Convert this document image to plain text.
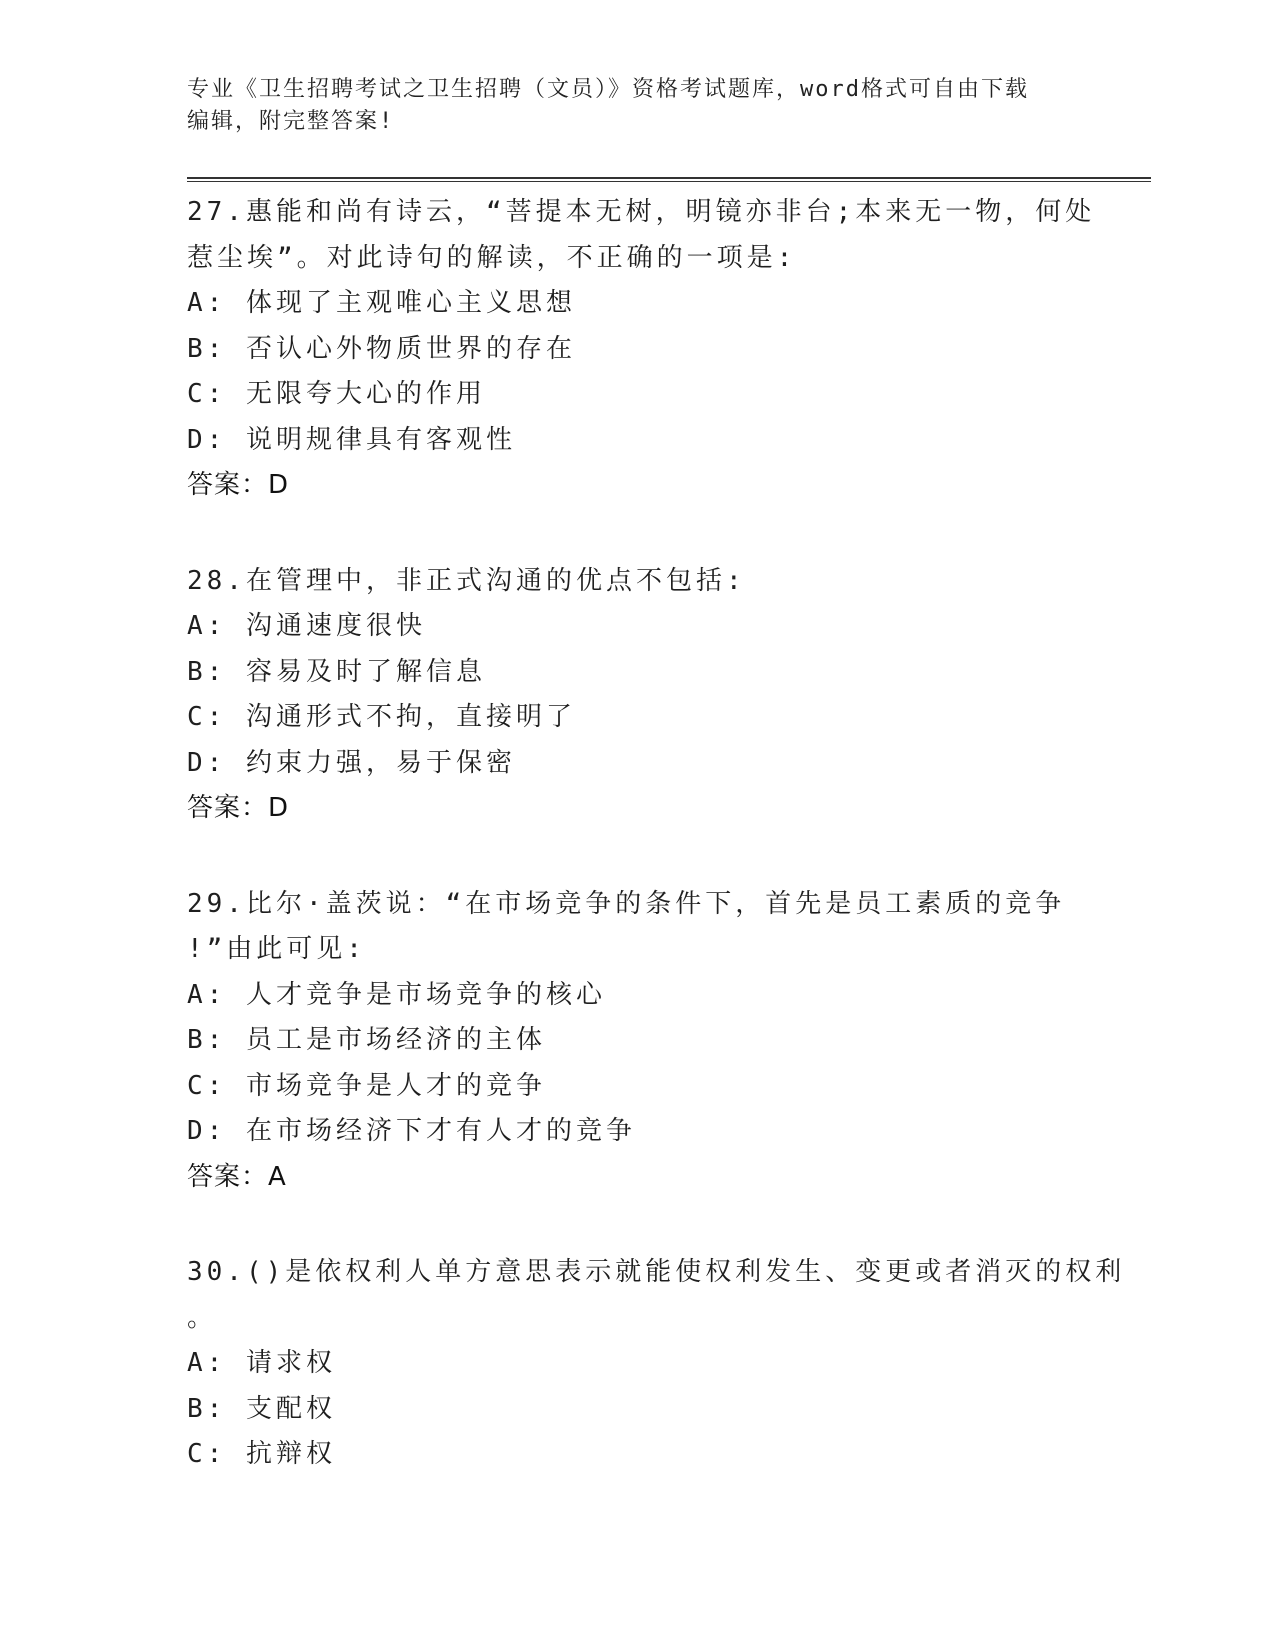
专业《卫生招聘考试之卫生招聘（文员）》资格考试题库，word格式可自由下载
编辑，附完整答案!
27.惠能和尚有诗云，“菩提本无树，明镜亦非台;本来无一物，何处
惹尘埃”。对此诗句的解读，不正确的一项是:
A: 体现了主观唯心主义思想
B: 否认心外物质世界的存在
C: 无限夸大心的作用
D: 说明规律具有客观性
答案：D
28.在管理中，非正式沟通的优点不包括:
A: 沟通速度很快
B: 容易及时了解信息
C: 沟通形式不拘，直接明了
D: 约束力强，易于保密
答案：D
29.比尔·盖茨说：“在市场竞争的条件下，首先是员工素质的竞争
!”由此可见:
A: 人才竞争是市场竞争的核心
B: 员工是市场经济的主体
C: 市场竞争是人才的竞争
D: 在市场经济下才有人才的竞争
答案：A
30.()是依权利人单方意思表示就能使权利发生、变更或者消灭的权利
。
A: 请求权
B: 支配权
C: 抗辩权
